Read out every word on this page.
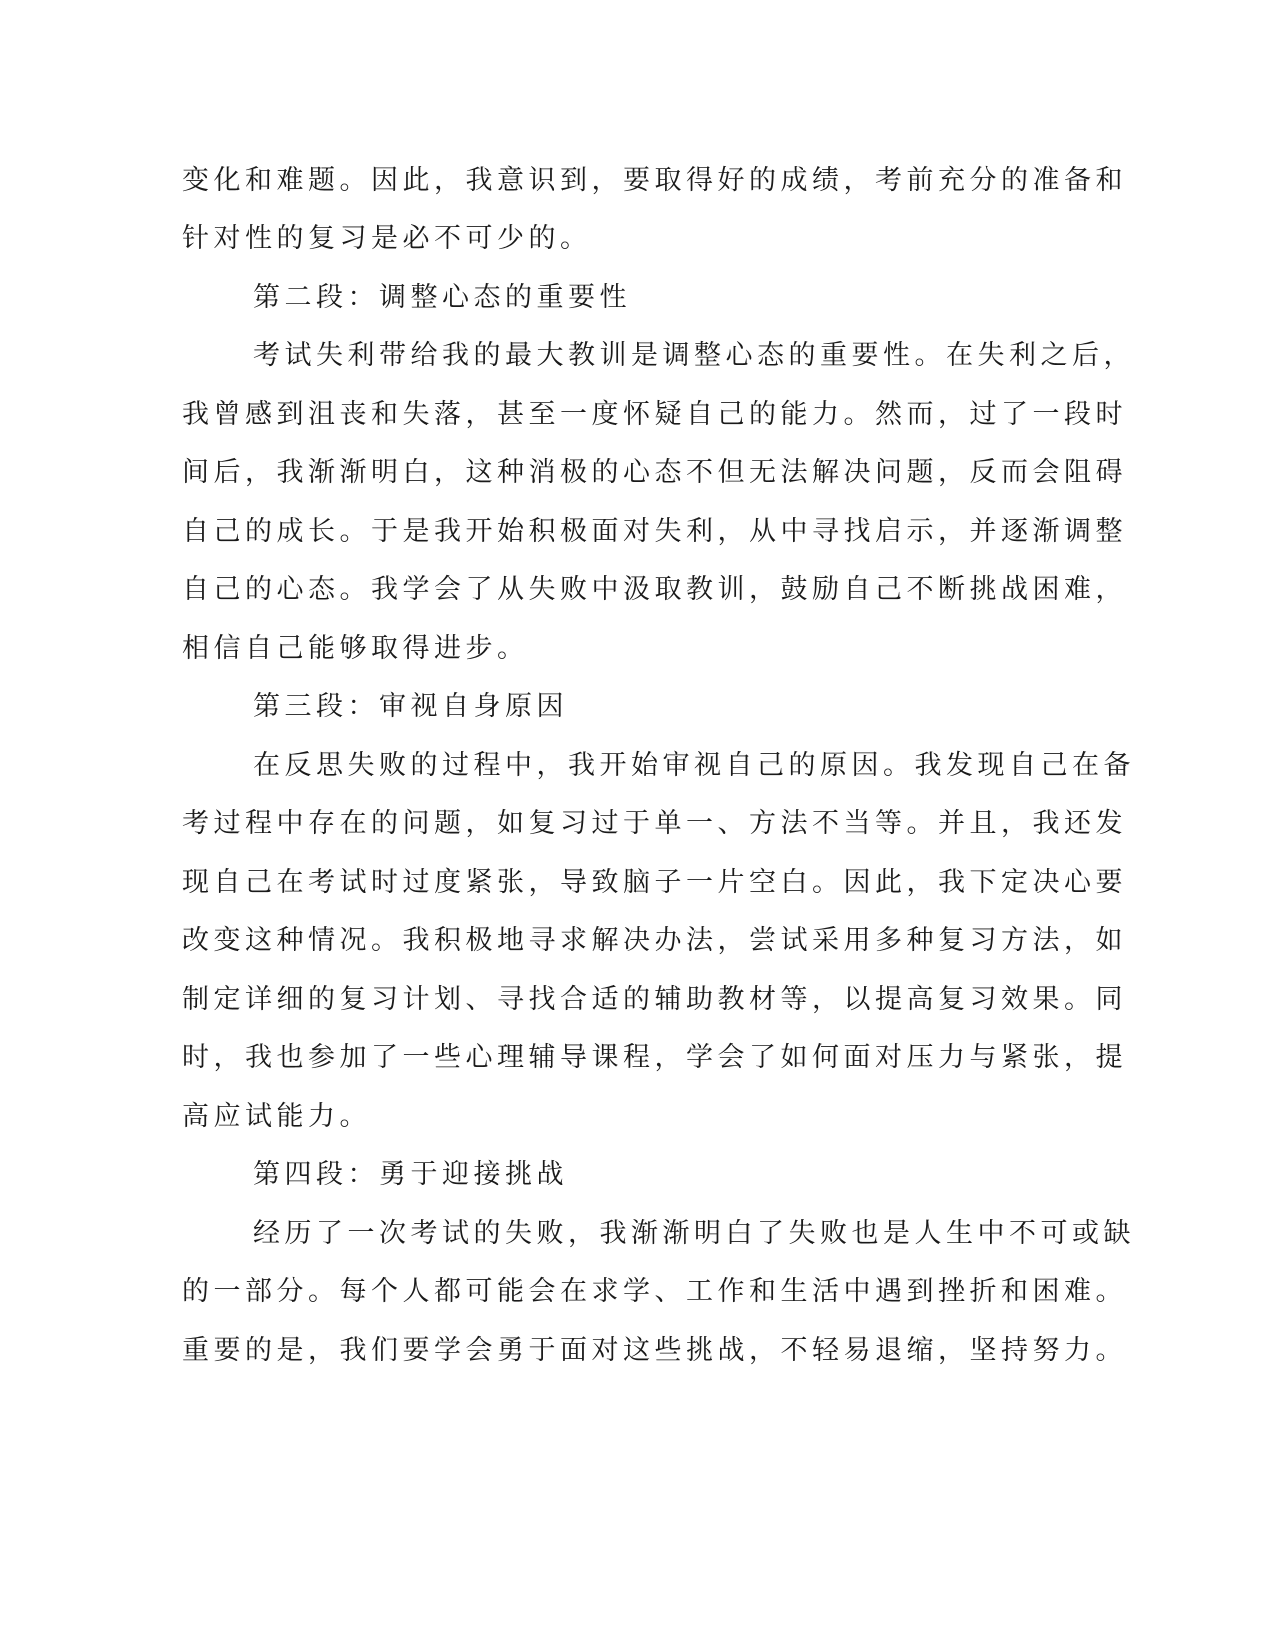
变化和难题。因此，我意识到，要取得好的成绩，考前充分的准备和
针对性的复习是必不可少的。
第二段：调整心态的重要性
考试失利带给我的最大教训是调整心态的重要性。在失利之后，
我曾感到沮丧和失落，甚至一度怀疑自己的能力。然而，过了一段时
间后，我渐渐明白，这种消极的心态不但无法解决问题，反而会阻碍
自己的成长。于是我开始积极面对失利，从中寻找启示，并逐渐调整
自己的心态。我学会了从失败中汲取教训，鼓励自己不断挑战困难，
相信自己能够取得进步。
第三段：审视自身原因
在反思失败的过程中，我开始审视自己的原因。我发现自己在备
考过程中存在的问题，如复习过于单一、方法不当等。并且，我还发
现自己在考试时过度紧张，导致脑子一片空白。因此，我下定决心要
改变这种情况。我积极地寻求解决办法，尝试采用多种复习方法，如
制定详细的复习计划、寻找合适的辅助教材等，以提高复习效果。同
时，我也参加了一些心理辅导课程，学会了如何面对压力与紧张，提
高应试能力。
第四段：勇于迎接挑战
经历了一次考试的失败，我渐渐明白了失败也是人生中不可或缺
的一部分。每个人都可能会在求学、工作和生活中遇到挫折和困难。
重要的是，我们要学会勇于面对这些挑战，不轻易退缩，坚持努力。
